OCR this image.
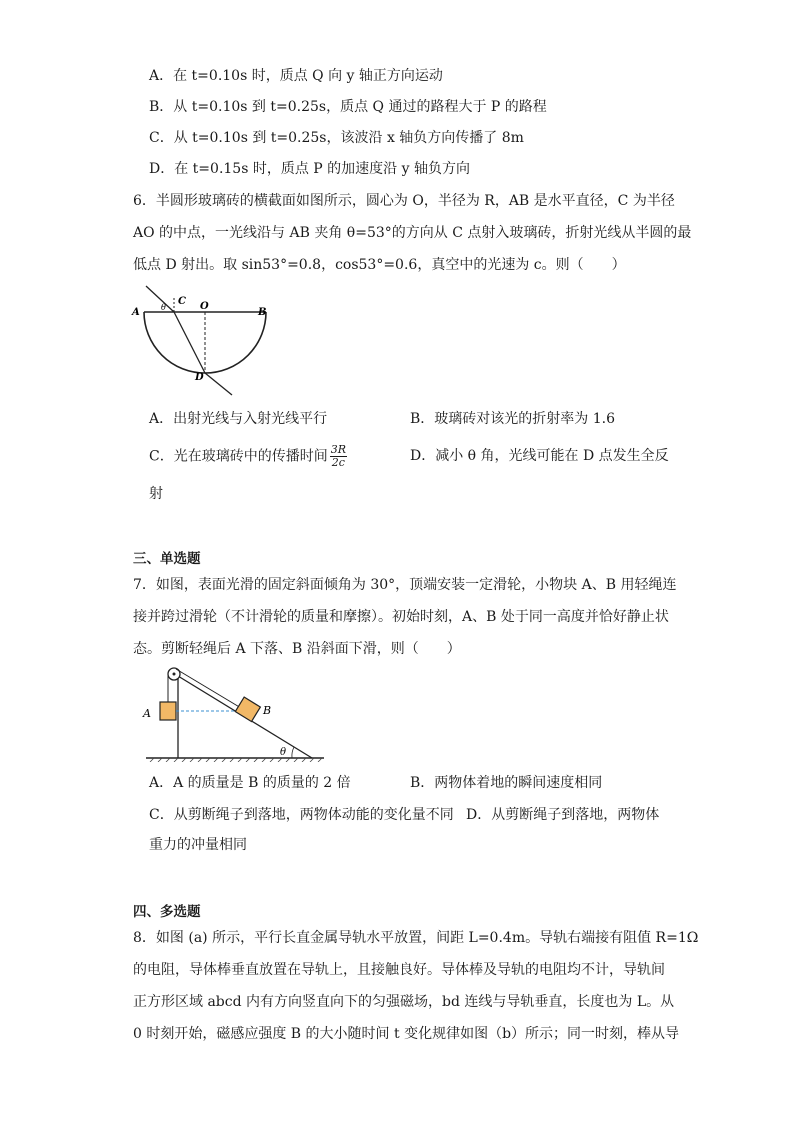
A．在 t=0.10s 时，质点 Q 向 y 轴正方向运动
B．从 t=0.10s 到 t=0.25s，质点 Q 通过的路程大于 P 的路程
C．从 t=0.10s 到 t=0.25s，该波沿 x 轴负方向传播了 8m
D．在 t=0.15s 时，质点 P 的加速度沿 y 轴负方向
6．半圆形玻璃砖的横截面如图所示，圆心为 O，半径为 R，AB 是水平直径，C 为半径
AO 的中点，一光线沿与 AB 夹角 θ=53°的方向从 C 点射入玻璃砖，折射光线从半圆的最
低点 D 射出。取 sin53°=0.8，cos53°=0.6，真空中的光速为 c。则（　　）
A	B
C O
D
θ
A．出射光线与入射光线平行	B．玻璃砖对该光的折射率为 1.6
C．光在玻璃砖中的传播时间 $\frac{3R}{2c}$	D．减小 θ 角，光线可能在 D 点发生全反
射
三、单选题
7．如图，表面光滑的固定斜面倾角为 30°，顶端安装一定滑轮，小物块 A、B 用轻绳连
接并跨过滑轮（不计滑轮的质量和摩擦）。初始时刻，A、B 处于同一高度并恰好静止状
态。剪断轻绳后 A 下落、B 沿斜面下滑，则（　　）
A	B
θ
A．A 的质量是 B 的质量的 2 倍	B．两物体着地的瞬间速度相同
C．从剪断绳子到落地，两物体动能的变化量不同 D．从剪断绳子到落地，两物体
重力的冲量相同
四、多选题
8．如图 (a) 所示，平行长直金属导轨水平放置，间距 L=0.4m。导轨右端接有阻值 R=1Ω
的电阻，导体棒垂直放置在导轨上，且接触良好。导体棒及导轨的电阻均不计，导轨间
正方形区域 abcd 内有方向竖直向下的匀强磁场，bd 连线与导轨垂直，长度也为 L。从
0 时刻开始，磁感应强度 B 的大小随时间 t 变化规律如图（b）所示；同一时刻，棒从导
